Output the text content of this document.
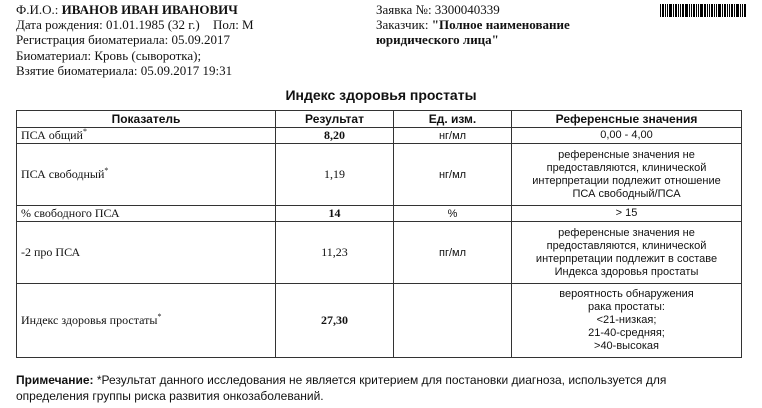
Ф.И.О.: ИВАНОВ ИВАН ИВАНОВИЧ
Дата рождения: 01.01.1985 (32 г.) Пол: М
Регистрация биоматериала: 05.09.2017
Биоматериал: Кровь (сыворотка);
Взятие биоматериала: 05.09.2017 19:31
Заявка №: 3300040339
Заказчик: "Полное наименование
юридического лица"
Индекс здоровья простаты
Показатель	Результат	Ед. изм.	Референсные значения
ПСА общий*	8,20	нг/мл	0,00 - 4,00

ПСА свободный*	1,19	нг/мл	референсные значения не
предоставляются, клинической
интерпретации подлежит отношение
ПСА свободный/ПСА

% свободного ПСА	14	%	> 15

-2 про ПСА	11,23	пг/мл	референсные значения не
предоставляются, клинической
интерпретации подлежит в составе
Индекса здоровья простаты

Индекс здоровья простаты*	27,30		вероятность обнаружения
рака простаты:
<21-низкая;
21-40-средняя;
>40-высокая
Примечание: *Результат данного исследования не является критерием для постановки диагноза, используется для определения группы риска развития онкозаболеваний.
